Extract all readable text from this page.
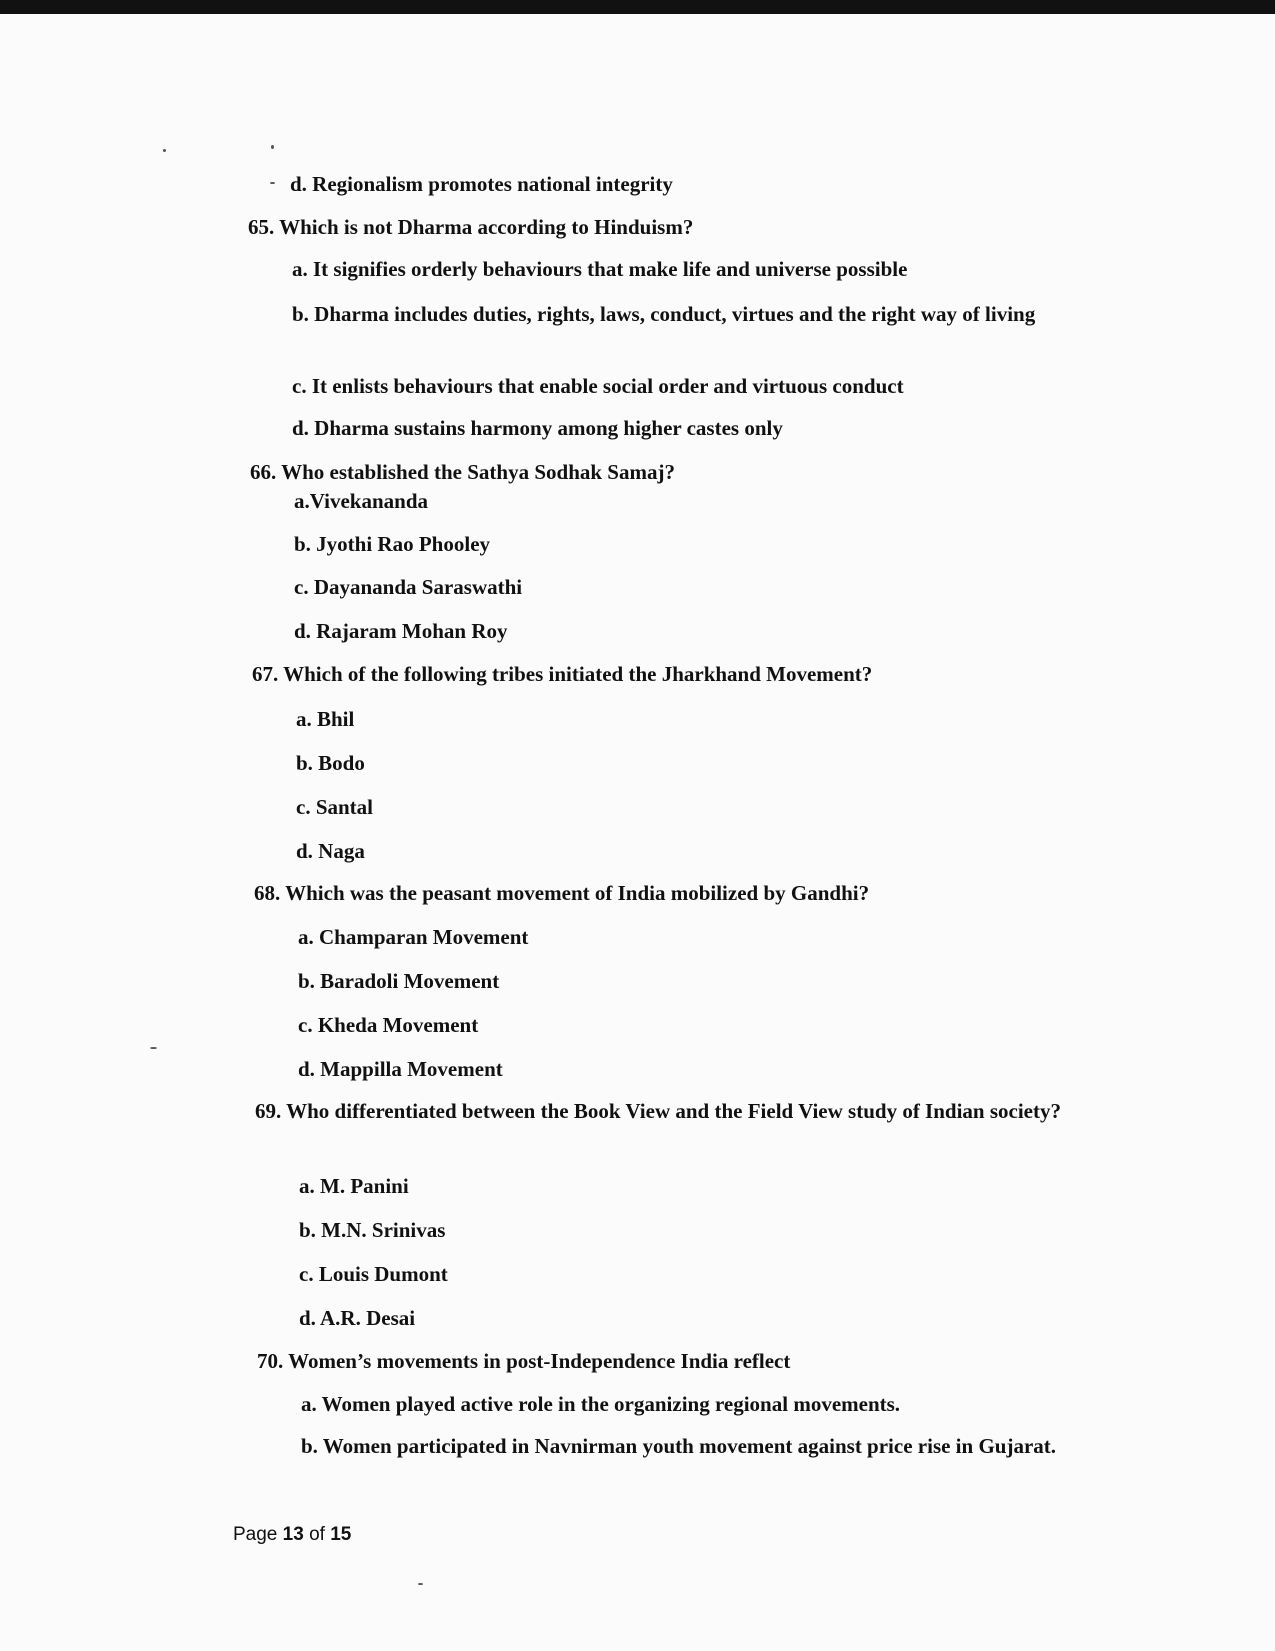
d. Regionalism promotes national integrity
65. Which is not Dharma according to Hinduism?
a. It signifies orderly behaviours that make life and universe possible
b. Dharma includes duties, rights, laws, conduct, virtues and the right way of living
c. It enlists behaviours that enable social order and virtuous conduct
d. Dharma sustains harmony among higher castes only
66. Who established the Sathya Sodhak Samaj?
a.Vivekananda
b. Jyothi Rao Phooley
c. Dayananda Saraswathi
d. Rajaram Mohan Roy
67. Which of the following tribes initiated the Jharkhand Movement?
a. Bhil
b. Bodo
c. Santal
d. Naga
68. Which was the peasant movement of India mobilized by Gandhi?
a. Champaran Movement
b. Baradoli Movement
c. Kheda Movement
d. Mappilla Movement
69. Who differentiated between the Book View and the Field View study of Indian society?
a. M. Panini
b. M.N. Srinivas
c. Louis Dumont
d. A.R. Desai
70. Women’s movements in post-Independence India reflect
a. Women played active role in the organizing regional movements.
b. Women participated in Navnirman youth movement against price rise in Gujarat.
Page 13 of 15
